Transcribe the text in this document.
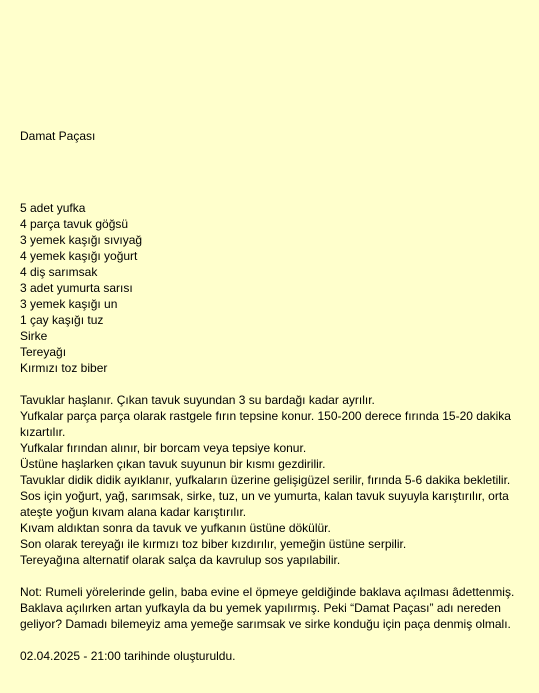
Damat Paçası
5 adet yufka
4 parça tavuk göğsü
3 yemek kaşığı sıvıyağ
4 yemek kaşığı yoğurt
4 diş sarımsak
3 adet yumurta sarısı
3 yemek kaşığı un
1 çay kaşığı tuz
Sirke
Tereyağı
Kırmızı toz biber
Tavuklar haşlanır. Çıkan tavuk suyundan 3 su bardağı kadar ayrılır.
Yufkalar parça parça olarak rastgele fırın tepsine konur. 150-200 derece fırında 15-20 dakika kızartılır.
Yufkalar fırından alınır, bir borcam veya tepsiye konur.
Üstüne haşlarken çıkan tavuk suyunun bir kısmı gezdirilir.
Tavuklar didik didik ayıklanır, yufkaların üzerine gelişigüzel serilir, fırında 5-6 dakika bekletilir.
Sos için yoğurt, yağ, sarımsak, sirke, tuz, un ve yumurta, kalan tavuk suyuyla karıştırılır, orta ateşte yoğun kıvam alana kadar karıştırılır.
Kıvam aldıktan sonra da tavuk ve yufkanın üstüne dökülür.
Son olarak tereyağı ile kırmızı toz biber kızdırılır, yemeğin üstüne serpilir.
Tereyağına alternatif olarak salça da kavrulup sos yapılabilir.
Not: Rumeli yörelerinde gelin, baba evine el öpmeye geldiğinde baklava açılması âdettenmiş. Baklava açılırken artan yufkayla da bu yemek yapılırmış. Peki “Damat Paçası” adı nereden geliyor? Damadı bilemeyiz ama yemeğe sarımsak ve sirke konduğu için paça denmiş olmalı.
02.04.2025 - 21:00 tarihinde oluşturuldu.
